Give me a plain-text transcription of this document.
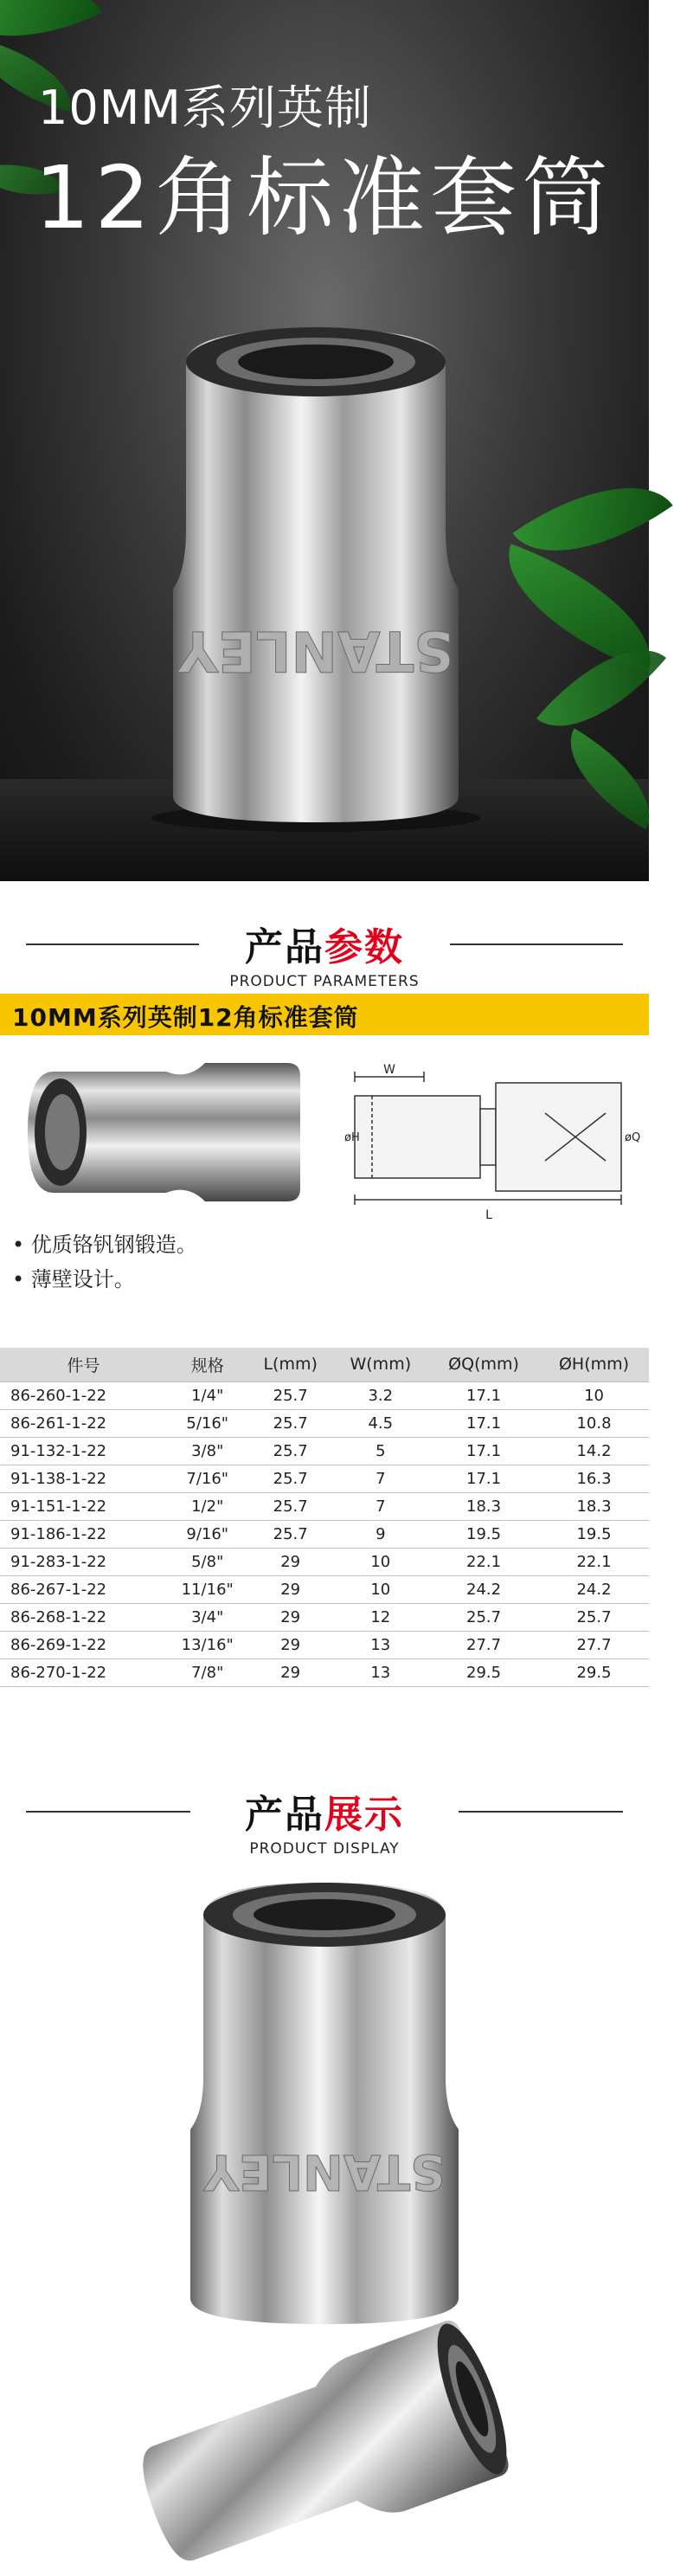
10MM系列英制
12角标准套筒
STANLEY
产品参数
PRODUCT PARAMETERS
10MM系列英制12角标准套筒
W
L
øH	øQ
• 优质铬钒钢锻造。
• 薄壁设计。
件号	规格	L(mm)	W(mm)	ØQ(mm)	ØH(mm)
86-260-1-22	1/4"	25.7	3.2	17.1	10
86-261-1-22	5/16"	25.7	4.5	17.1	10.8
91-132-1-22	3/8"	25.7	5	17.1	14.2
91-138-1-22	7/16"	25.7	7	17.1	16.3
91-151-1-22	1/2"	25.7	7	18.3	18.3
91-186-1-22	9/16"	25.7	9	19.5	19.5
91-283-1-22	5/8"	29	10	22.1	22.1
86-267-1-22	11/16"	29	10	24.2	24.2
86-268-1-22	3/4"	29	12	25.7	25.7
86-269-1-22	13/16"	29	13	27.7	27.7
86-270-1-22	7/8"	29	13	29.5	29.5
产品展示
PRODUCT DISPLAY
STANLEY
